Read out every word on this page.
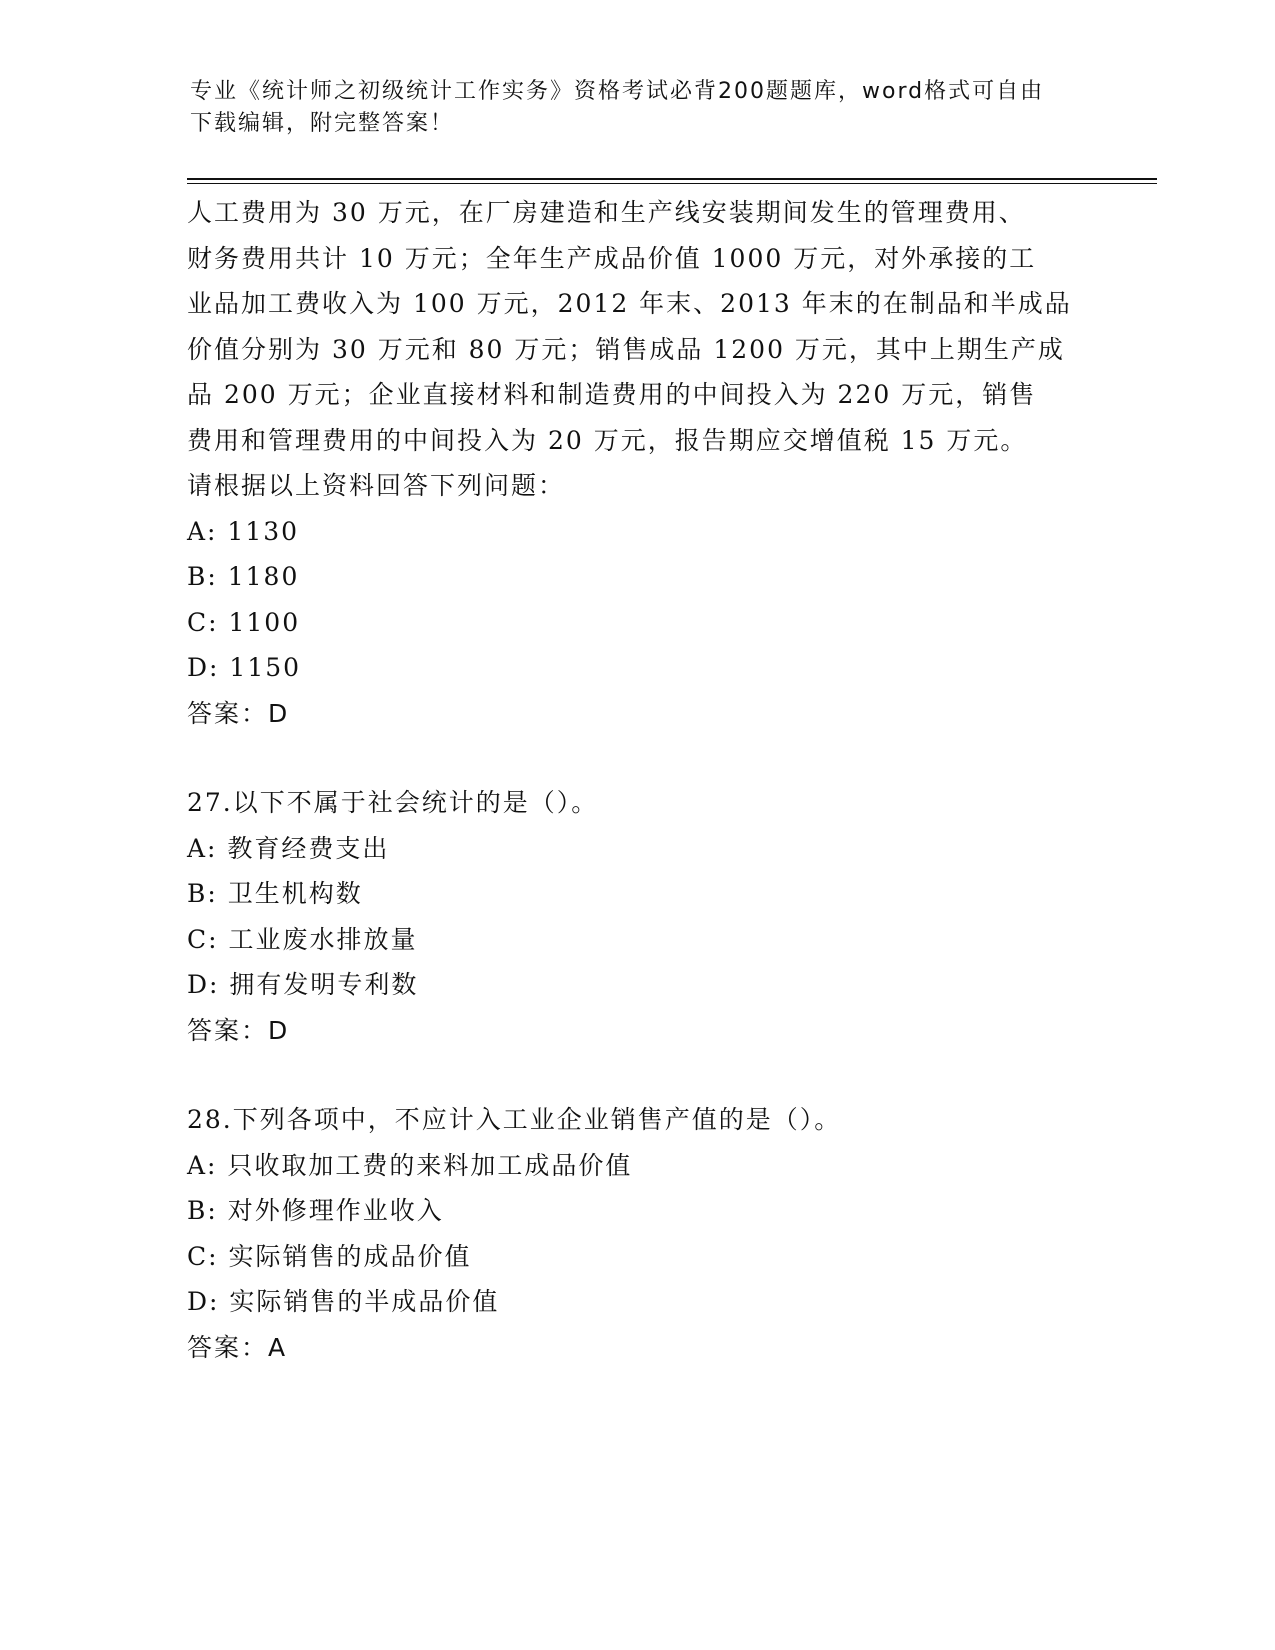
专业《统计师之初级统计工作实务》资格考试必背200题题库，word格式可自由
下载编辑，附完整答案！
人工费用为 30 万元，在厂房建造和生产线安装期间发生的管理费用、
财务费用共计 10 万元；全年生产成品价值 1000 万元，对外承接的工
业品加工费收入为 100 万元，2012 年末、2013 年末的在制品和半成品
价值分别为 30 万元和 80 万元；销售成品 1200 万元，其中上期生产成
品 200 万元；企业直接材料和制造费用的中间投入为 220 万元，销售
费用和管理费用的中间投入为 20 万元，报告期应交增值税 15 万元。
请根据以上资料回答下列问题：
A: 1130
B: 1180
C: 1100
D: 1150
答案：D
27.以下不属于社会统计的是（）。
A: 教育经费支出
B: 卫生机构数
C: 工业废水排放量
D: 拥有发明专利数
答案：D
28.下列各项中，不应计入工业企业销售产值的是（）。
A: 只收取加工费的来料加工成品价值
B: 对外修理作业收入
C: 实际销售的成品价值
D: 实际销售的半成品价值
答案：A
